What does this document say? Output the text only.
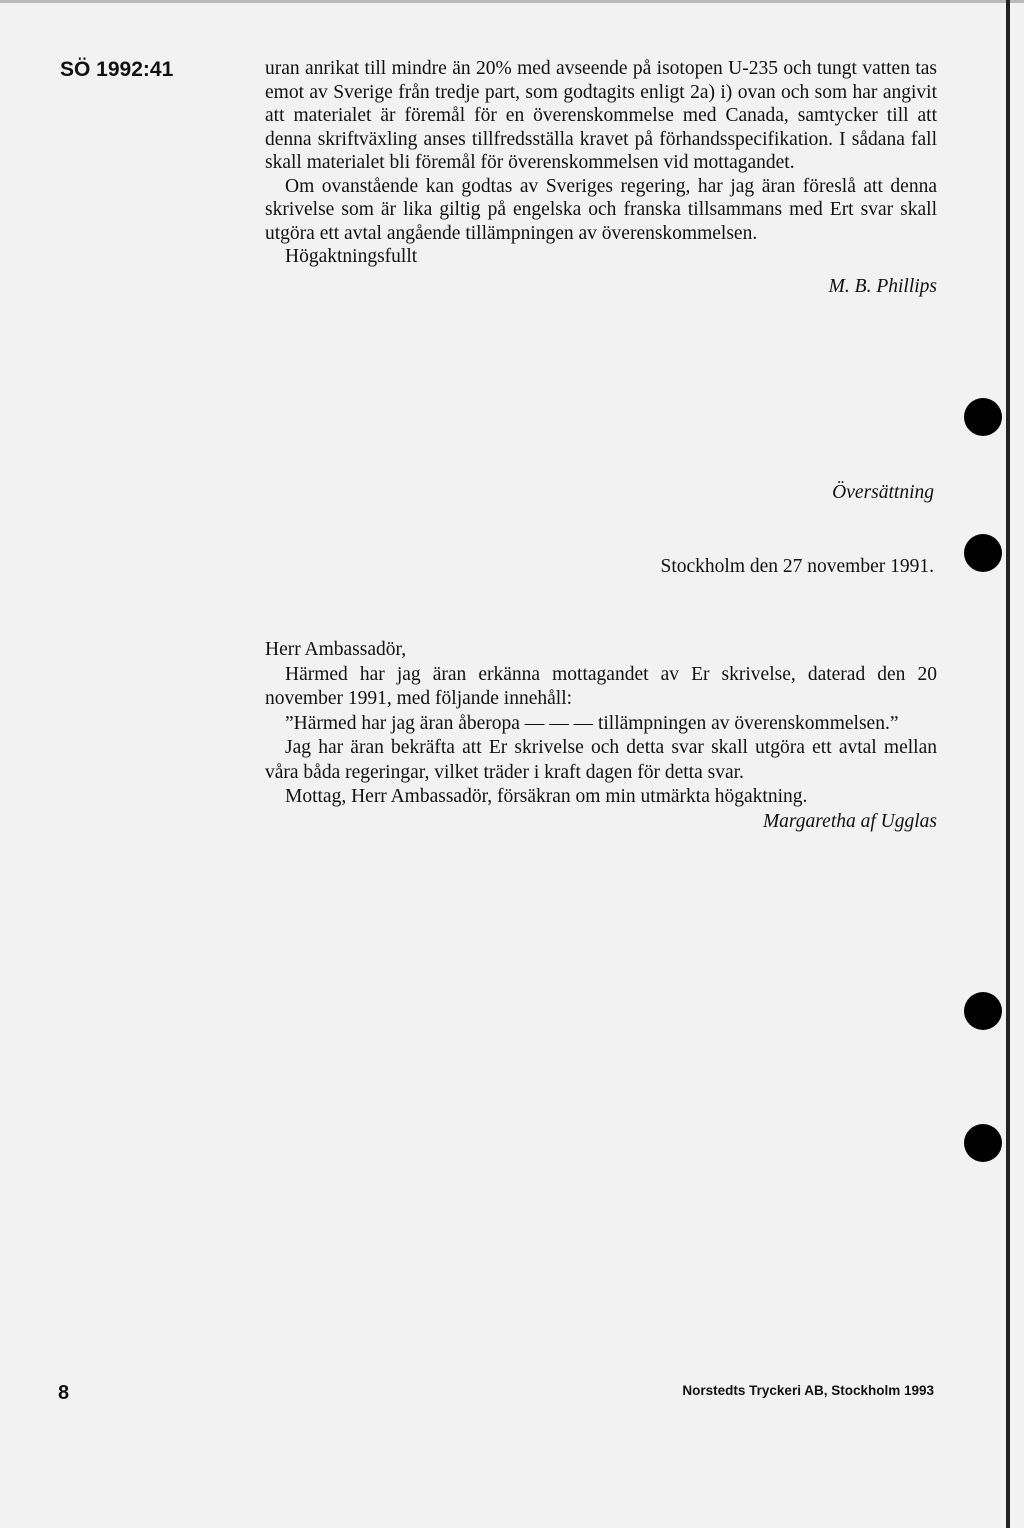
SÖ 1992:41	uran anrikat till mindre än 20% med avseende på isotopen U-235 och tungt vatten tas emot av Sverige från tredje part, som godtagits enligt 2a) i) ovan och som har angivit att materialet är föremål för en överenskommelse med Canada, samtycker till att denna skriftväxling anses tillfredsställa kravet på förhandsspecifikation. I sådana fall skall materialet bli föremål för överenskommelsen vid mottagandet.

Om ovanstående kan godtas av Sveriges regering, har jag äran föreslå att denna skrivelse som är lika giltig på engelska och franska tillsammans med Ert svar skall utgöra ett avtal angående tillämpningen av överenskommelsen.

Högaktningsfullt

M. B. Phillips

Översättning
Stockholm den 27 november 1991.

Herr Ambassadör,

Härmed har jag äran erkänna mottagandet av Er skrivelse, daterad den 20 november 1991, med följande innehåll:

”Härmed har jag äran åberopa — — — tillämpningen av överenskommelsen.”

Jag har äran bekräfta att Er skrivelse och detta svar skall utgöra ett avtal mellan våra båda regeringar, vilket träder i kraft dagen för detta svar.

Mottag, Herr Ambassadör, försäkran om min utmärkta högaktning.

Margaretha af Ugglas

8	Norstedts Tryckeri AB, Stockholm 1993
